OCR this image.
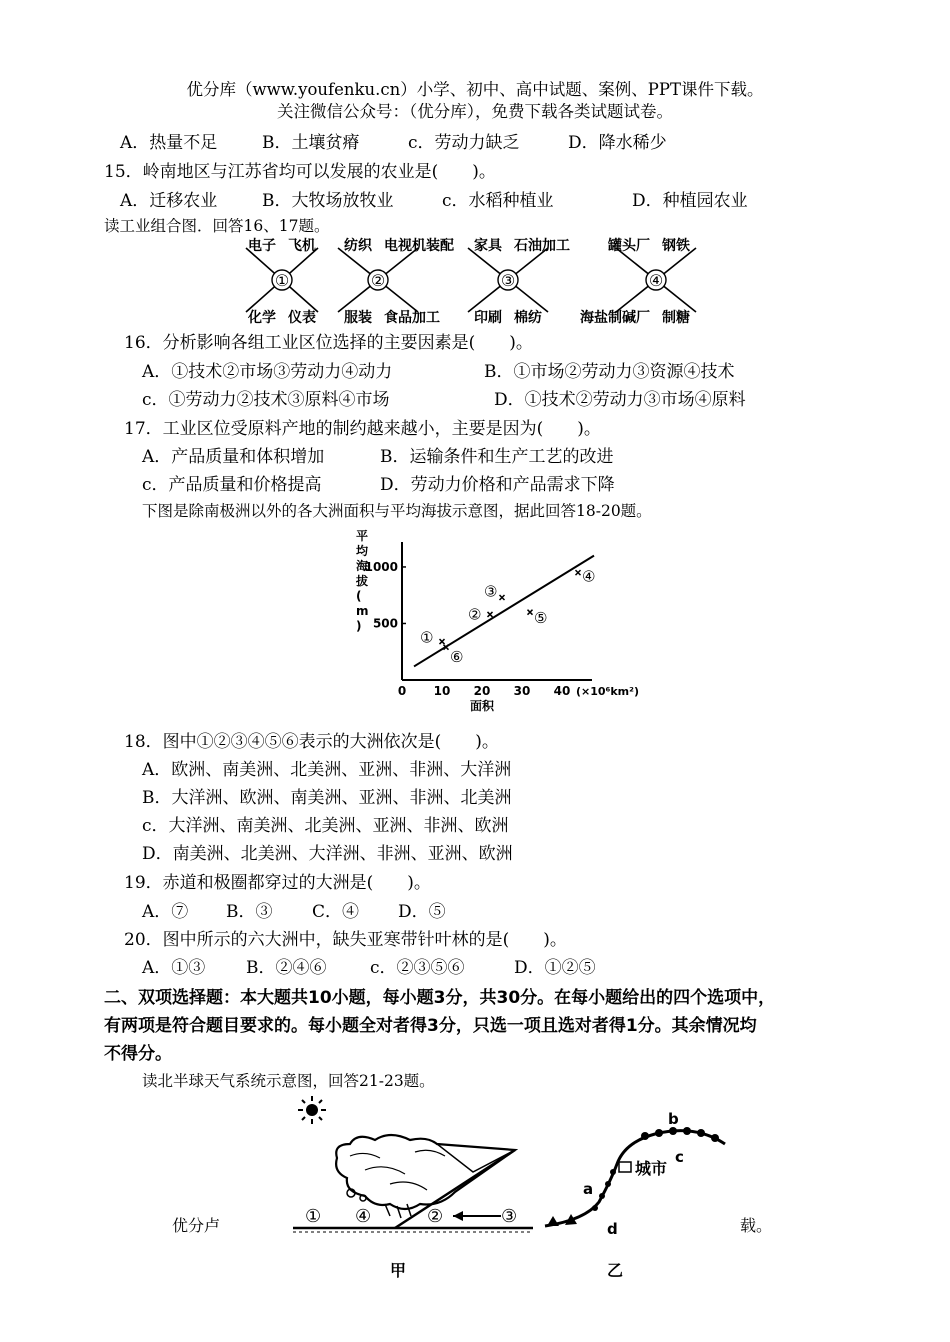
优分库（www.youfenku.cn）小学、初中、高中试题、案例、PPT课件下载。
关注微信公众号：（优分库），免费下载各类试题试卷。
A．热量不足	B．土壤贫瘠	c．劳动力缺乏	D．降水稀少
15．岭南地区与江苏省均可以发展的农业是(　　)。
A．迁移农业	B．大牧场放牧业	c．水稻种植业	D．种植园农业
读工业组合图．回答16、17题。
①
电子 飞机
化学 仪表
②
纺织 电视机装配
服装 食品加工
③
家具 石油加工
印刷 棉纺
④
罐头厂 钢铁
海盐制碱厂 制糖
16．分析影响各组工业区位选择的主要因素是(　　)。
A．①技术②市场③劳动力④动力	B．①市场②劳动力③资源④技术
c．①劳动力②技术③原料④市场	D．①技术②劳动力③市场④原料
17．工业区位受原料产地的制约越来越小，主要是因为(　　)。
A．产品质量和体积增加	B．运输条件和生产工艺的改进
c．产品质量和价格提高	D．劳动力价格和产品需求下降
下图是除南极洲以外的各大洲面积与平均海拔示意图，据此回答18-20题。
平均海拔( m )
0 10 20 30 40 (×10⁶km²)
面积
500
1000
①
②
③
④
⑤
⑥
18．图中①②③④⑤⑥表示的大洲依次是(　　)。
A．欧洲、南美洲、北美洲、亚洲、非洲、大洋洲
B．大洋洲、欧洲、南美洲、亚洲、非洲、北美洲
c．大洋洲、南美洲、北美洲、亚洲、非洲、欧洲
D．南美洲、北美洲、大洋洲、非洲、亚洲、欧洲
19．赤道和极圈都穿过的大洲是(　　)。
A．⑦ B．③ C．④ D．⑤
20．图中所示的六大洲中，缺失亚寒带针叶林的是(　　)。
A．①③ B．②④⑥	c．②③⑤⑥	D．①②⑤
二、双项选择题：本大题共10小题，每小题3分，共30分。在每小题给出的四个选项中，
有两项是符合题目要求的。每小题全对者得3分，只选一项且选对者得1分。其余情况均
不得分。
读北半球天气系统示意图，回答21-23题。
优分卢	载。
① ④	②	③
甲
城市
a
b
c
d
乙
